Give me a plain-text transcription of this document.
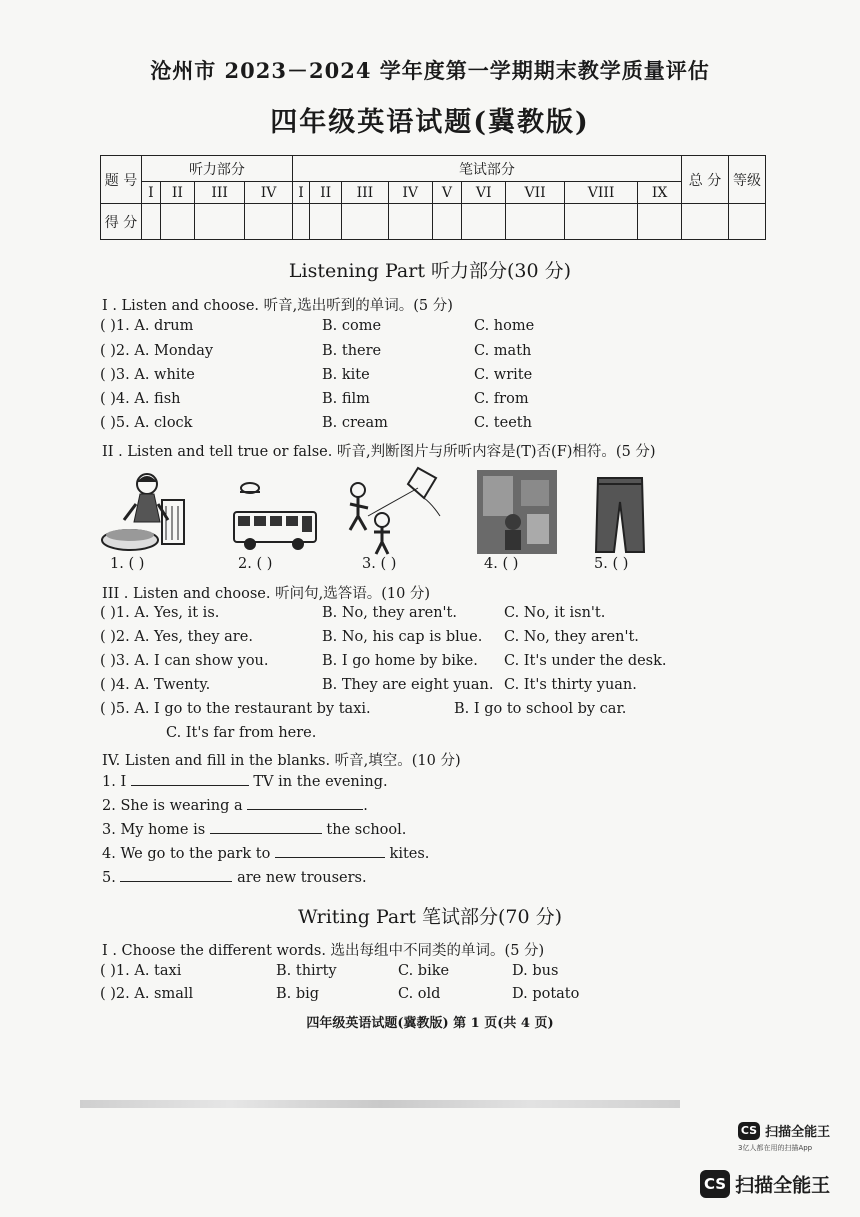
沧州市 2023－2024 学年度第一学期期末教学质量评估
四年级英语试题(冀教版)
题 号	听力部分				笔试部分									总 分	等级
	I	II	III	IV	I	II	III	IV	V	VI	VII	VIII	IX		
得 分															
Listening Part 听力部分(30 分)
I . Listen and choose. 听音,选出听到的单词。(5 分)
( )1. A. drum	B. come	C. home
( )2. A. Monday	B. there	C. math
( )3. A. white	B. kite	C. write
( )4. A. fish	B. film	C. from
( )5. A. clock	B. cream	C. teeth
II . Listen and tell true or false. 听音,判断图片与所听内容是(T)否(F)相符。(5 分)
1. ( )	2. ( )	3. ( )	4. ( )	5. ( )
III . Listen and choose. 听问句,选答语。(10 分)
( )1. A. Yes, it is.	B. No, they aren't.	C. No, it isn't.
( )2. A. Yes, they are.	B. No, his cap is blue. C. No, they aren't.
( )3. A. I can show you.	B. I go home by bike. C. It's under the desk.
( )4. A. Twenty.	B. They are eight yuan. C. It's thirty yuan.
( )5. A. I go to the restaurant by taxi.	B. I go to school by car.
C. It's far from here.
IV. Listen and fill in the blanks. 听音,填空。(10 分)
1. I	TV in the evening.
2. She is wearing a	.
3. My home is	the school.
4. We go to the park to	kites.
5.	are new trousers.
Writing Part 笔试部分(70 分)
I . Choose the different words. 选出每组中不同类的单词。(5 分)
( )1. A. taxi	B. thirty	C. bike	D. bus
( )2. A. small	B. big	C. old	D. potato
四年级英语试题(冀教版) 第 1 页(共 4 页)
CS 扫描全能王
3亿人都在用的扫描App
CS 扫描全能王
